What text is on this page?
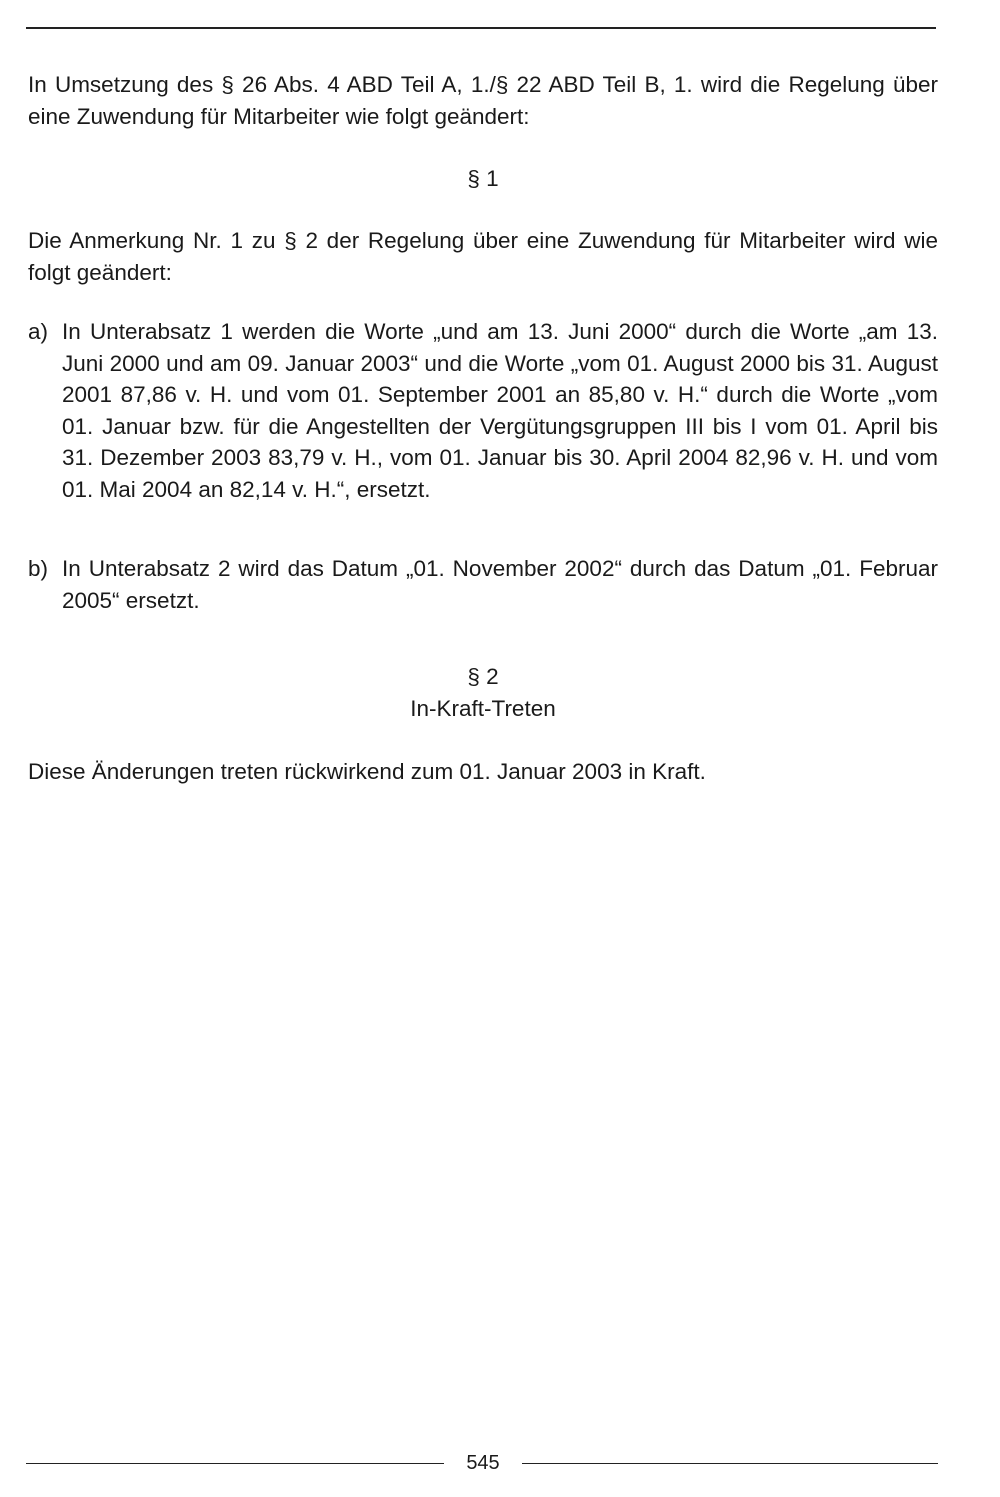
In Umsetzung des § 26 Abs. 4 ABD Teil A, 1./§ 22 ABD Teil B, 1. wird die Regelung über eine Zuwendung für Mitarbeiter wie folgt geändert:
§ 1
Die Anmerkung Nr. 1 zu § 2 der Regelung über eine Zuwendung für Mitarbeiter wird wie folgt geändert:
a) In Unterabsatz 1 werden die Worte „und am 13. Juni 2000“ durch die Worte „am 13. Juni 2000 und am 09. Januar 2003“ und die Worte „vom 01. August 2000 bis 31. August 2001 87,86 v. H. und vom 01. September 2001 an 85,80 v. H.“ durch die Worte „vom 01. Januar bzw. für die Angestellten der Vergütungsgruppen III bis I vom 01. April bis 31. Dezember 2003 83,79 v. H., vom 01. Januar bis 30. April 2004 82,96 v. H. und vom 01. Mai 2004 an 82,14 v. H.“, ersetzt.
b) In Unterabsatz 2 wird das Datum „01. November 2002“ durch das Datum „01. Februar 2005“ ersetzt.
§ 2
In-Kraft-Treten
Diese Änderungen treten rückwirkend zum 01. Januar 2003 in Kraft.
545
